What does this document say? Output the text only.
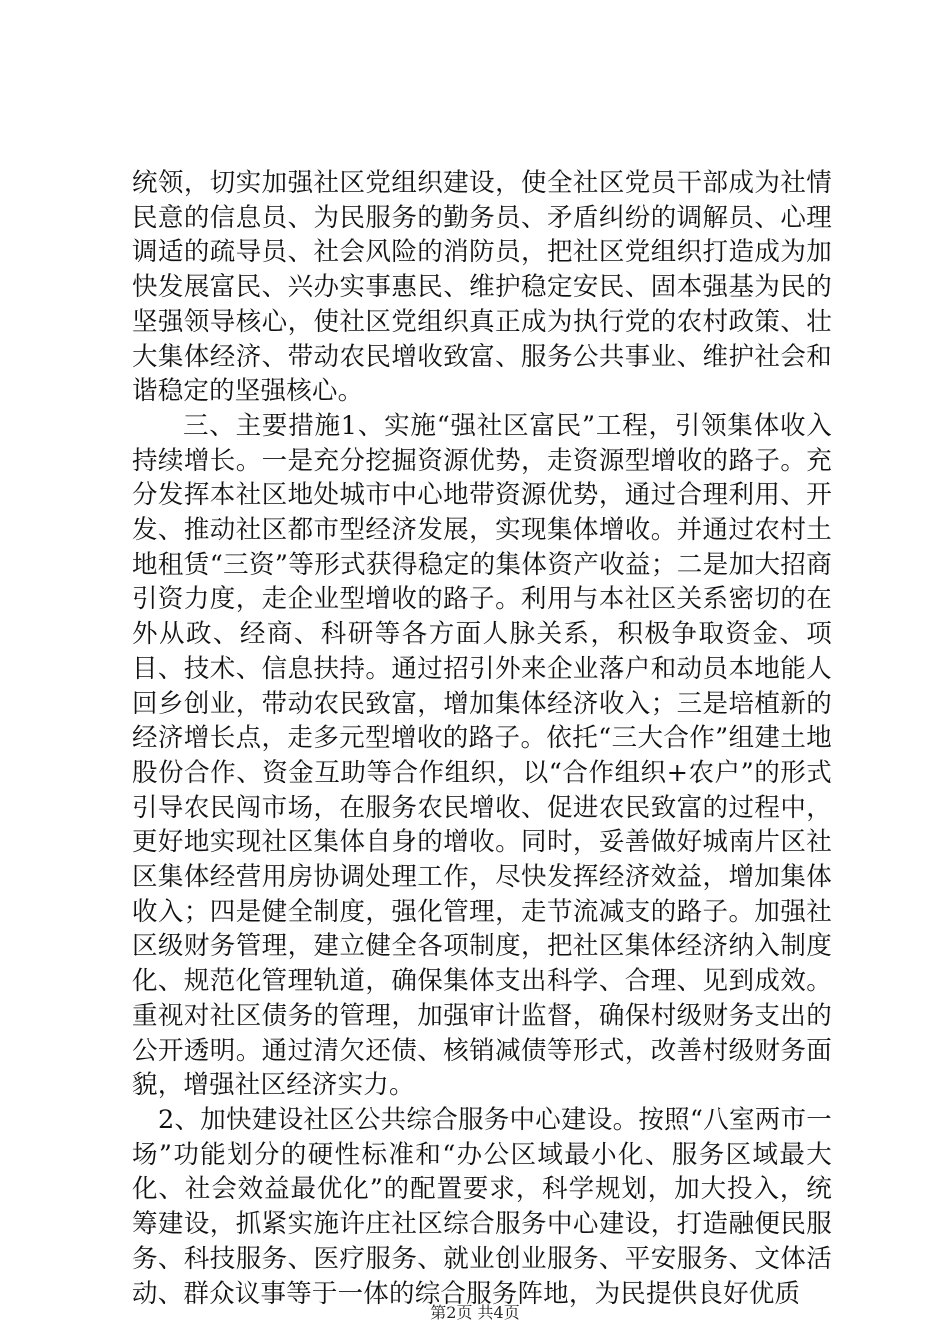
统领，切实加强社区党组织建设，使全社区党员干部成为社情民意的信息员、为民服务的勤务员、矛盾纠纷的调解员、心理调适的疏导员、社会风险的消防员，把社区党组织打造成为加快发展富民、兴办实事惠民、维护稳定安民、固本强基为民的坚强领导核心，使社区党组织真正成为执行党的农村政策、壮大集体经济、带动农民增收致富、服务公共事业、维护社会和谐稳定的坚强核心。

三、主要措施1、实施“强社区富民”工程，引领集体收入持续增长。一是充分挖掘资源优势，走资源型增收的路子。充分发挥本社区地处城市中心地带资源优势，通过合理利用、开发、推动社区都市型经济发展，实现集体增收。并通过农村土地租赁“三资”等形式获得稳定的集体资产收益；二是加大招商引资力度，走企业型增收的路子。利用与本社区关系密切的在外从政、经商、科研等各方面人脉关系，积极争取资金、项目、技术、信息扶持。通过招引外来企业落户和动员本地能人回乡创业，带动农民致富，增加集体经济收入；三是培植新的经济增长点，走多元型增收的路子。依托“三大合作”组建土地股份合作、资金互助等合作组织，以“合作组织+农户”的形式引导农民闯市场，在服务农民增收、促进农民致富的过程中，更好地实现社区集体自身的增收。同时，妥善做好城南片区社区集体经营用房协调处理工作，尽快发挥经济效益，增加集体收入；四是健全制度，强化管理，走节流减支的路子。加强社区级财务管理，建立健全各项制度，把社区集体经济纳入制度化、规范化管理轨道，确保集体支出科学、合理、见到成效。重视对社区债务的管理，加强审计监督，确保村级财务支出的公开透明。通过清欠还债、核销减债等形式，改善村级财务面貌，增强社区经济实力。

2、加快建设社区公共综合服务中心建设。按照“八室两市一场”功能划分的硬性标准和“办公区域最小化、服务区域最大化、社会效益最优化”的配置要求，科学规划，加大投入，统筹建设，抓紧实施许庄社区综合服务中心建设，打造融便民服务、科技服务、医疗服务、就业创业服务、平安服务、文体活动、群众议事等于一体的综合服务阵地，为民提供良好优质

第2页 共4页
